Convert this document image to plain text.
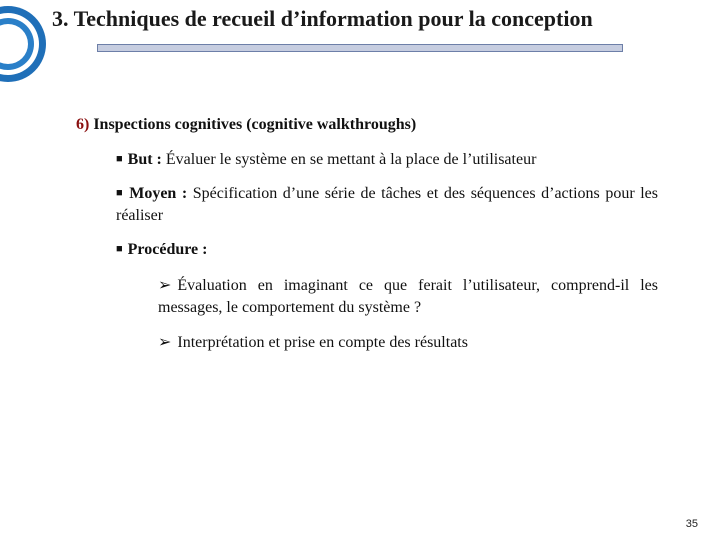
3. Techniques de recueil d’information pour la conception
6) Inspections cognitives (cognitive walkthroughs)
■ But : Évaluer le système en se mettant à la place de l’utilisateur
■ Moyen : Spécification d’une série de tâches et des séquences d’actions pour les réaliser
■ Procédure :
➢ Évaluation en imaginant ce que ferait l’utilisateur, comprend-il les messages, le comportement du système ?
➢ Interprétation et prise en compte des résultats
35
